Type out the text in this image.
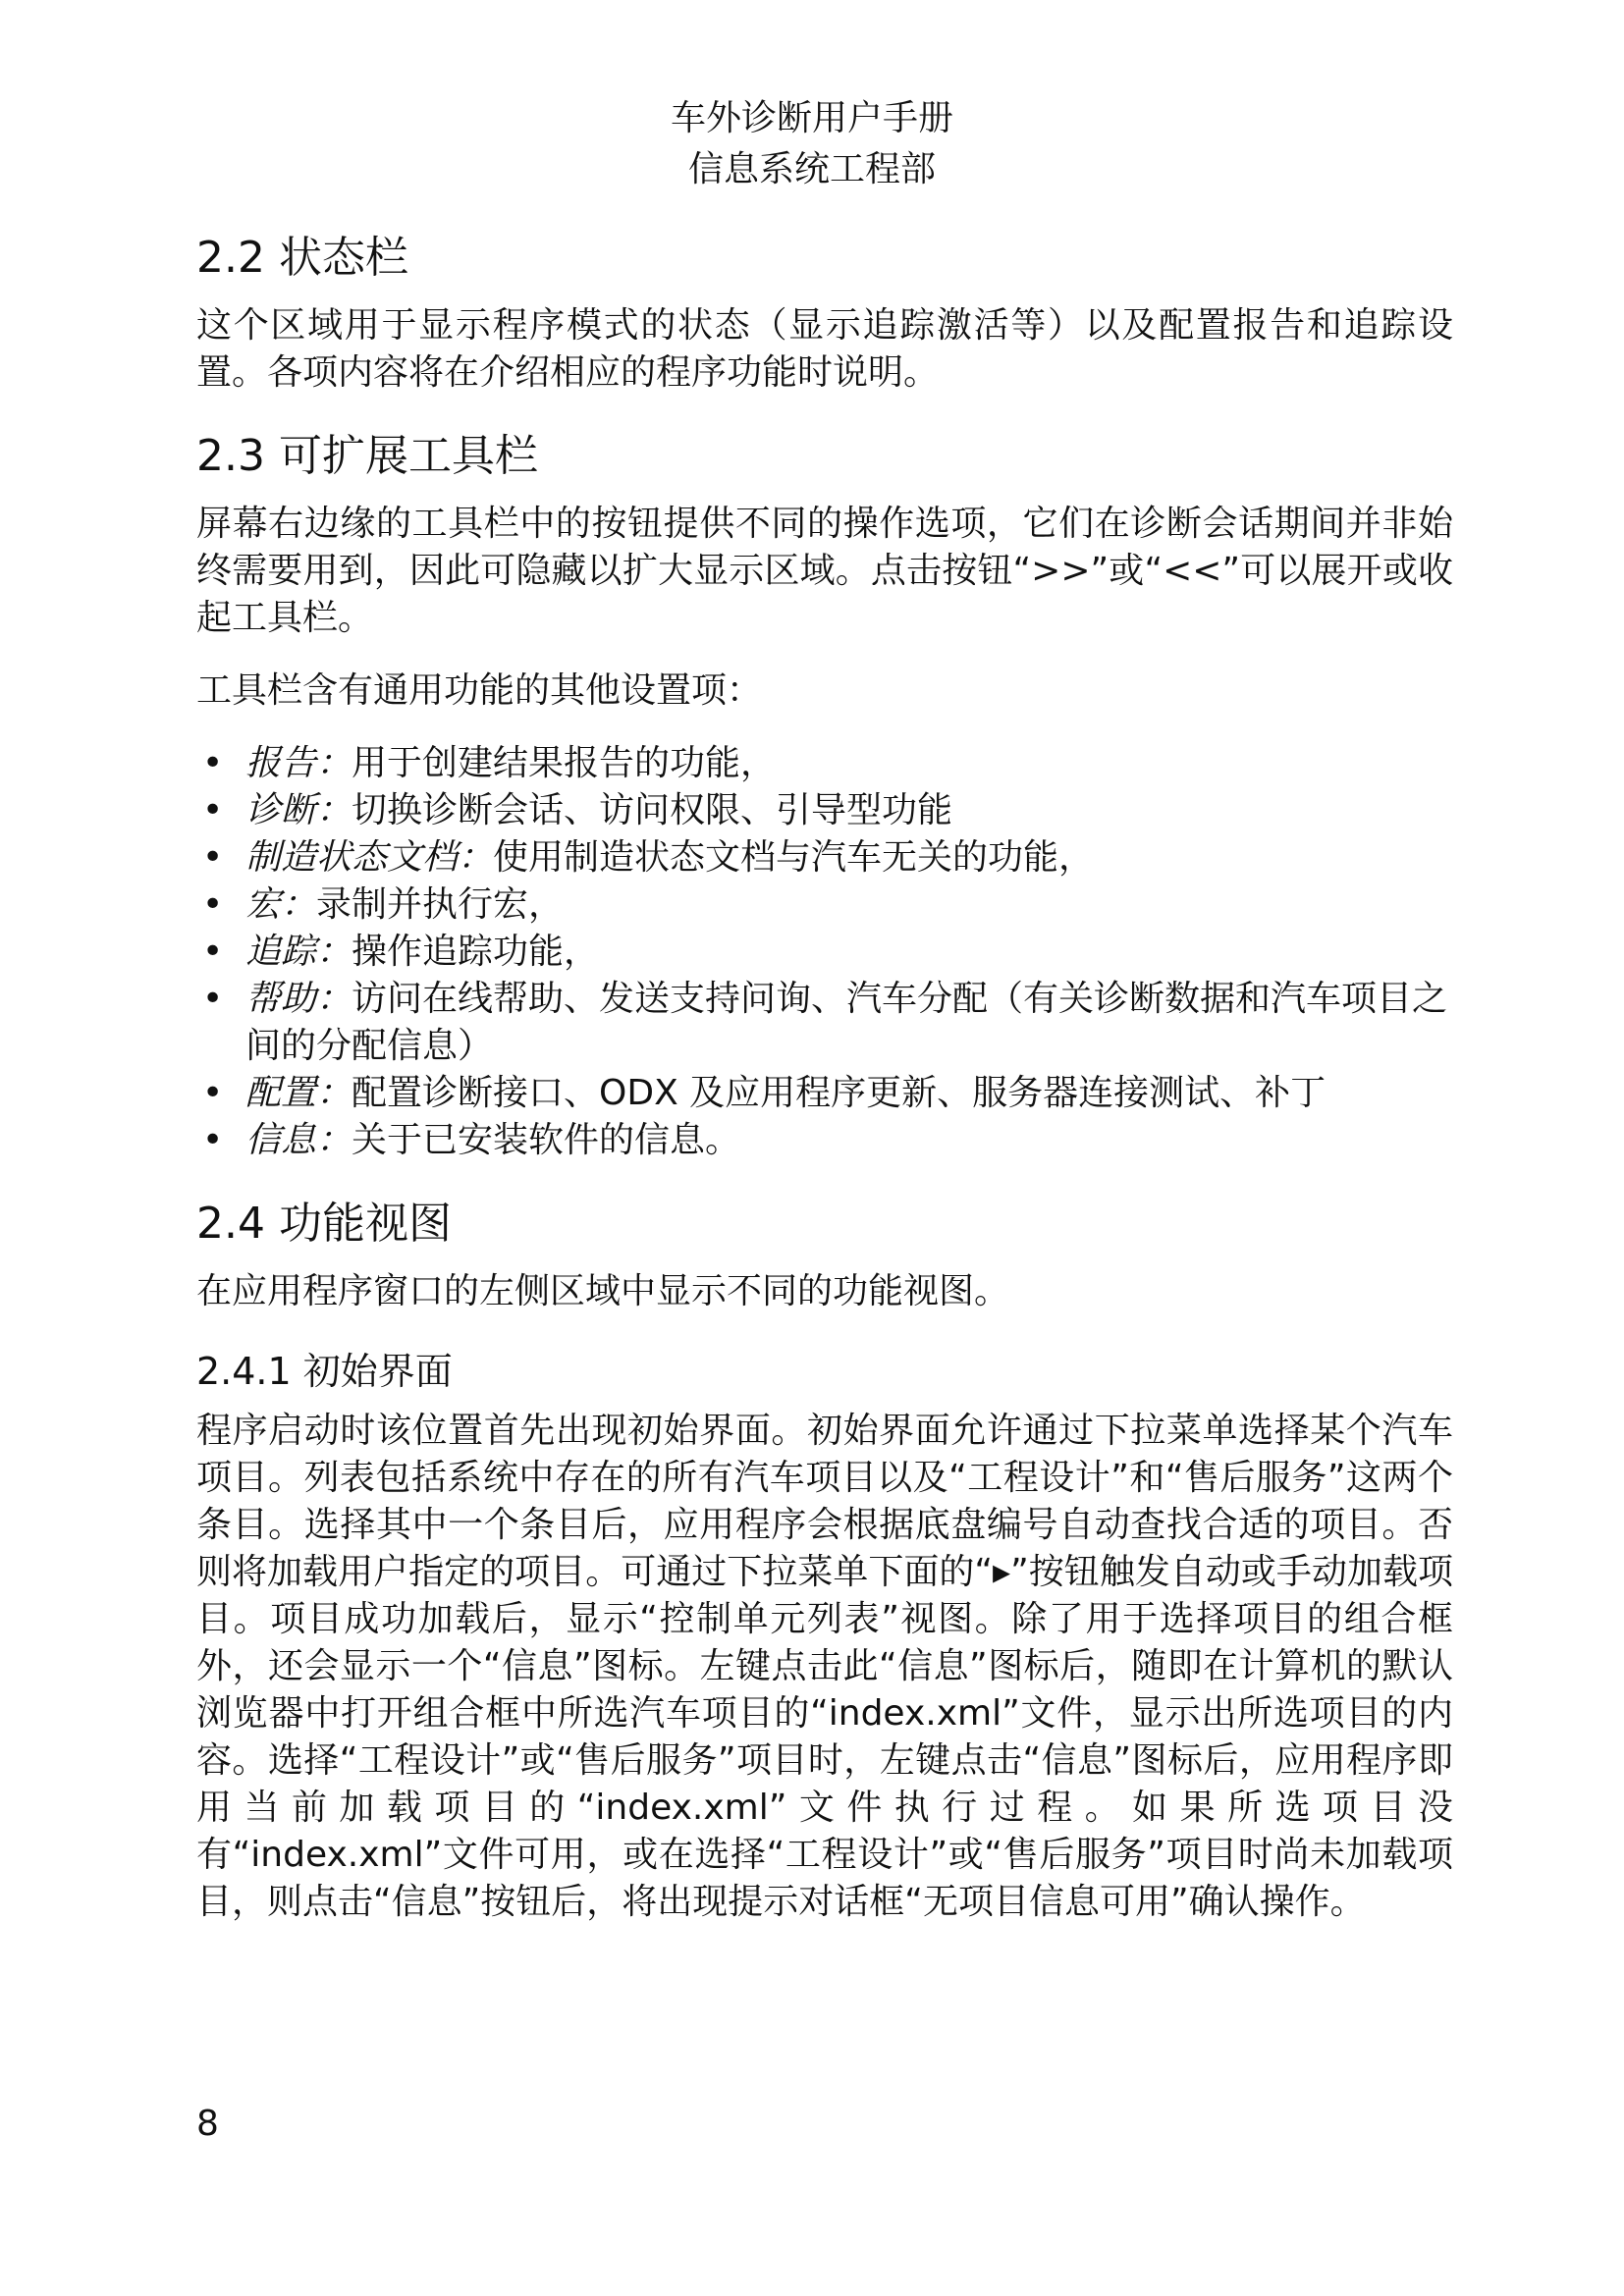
车外诊断用户手册
信息系统工程部
2.2 状态栏

这个区域用于显示程序模式的状态（显示追踪激活等）以及配置报告和追踪设置。各项内容将在介绍相应的程序功能时说明。

2.3 可扩展工具栏

屏幕右边缘的工具栏中的按钮提供不同的操作选项，它们在诊断会话期间并非始终需要用到，因此可隐藏以扩大显示区域。点击按钮“>>”或“<<”可以展开或收起工具栏。

工具栏含有通用功能的其他设置项：

• 报告：用于创建结果报告的功能，
• 诊断：切换诊断会话、访问权限、引导型功能
• 制造状态文档：使用制造状态文档与汽车无关的功能，
• 宏：录制并执行宏，
• 追踪：操作追踪功能，
• 帮助：访问在线帮助、发送支持问询、汽车分配（有关诊断数据和汽车项目之间的分配信息）
• 配置：配置诊断接口、ODX 及应用程序更新、服务器连接测试、补丁
• 信息：关于已安装软件的信息。
2.4 功能视图

在应用程序窗口的左侧区域中显示不同的功能视图。

2.4.1 初始界面

程序启动时该位置首先出现初始界面。初始界面允许通过下拉菜单选择某个汽车项目。列表包括系统中存在的所有汽车项目以及“工程设计”和“售后服务”这两个条目。选择其中一个条目后，应用程序会根据底盘编号自动查找合适的项目。否则将加载用户指定的项目。可通过下拉菜单下面的“▸”按钮触发自动或手动加载项目。项目成功加载后，显示“控制单元列表”视图。除了用于选择项目的组合框外，还会显示一个“信息”图标。左键点击此“信息”图标后，随即在计算机的默认浏览器中打开组合框中所选汽车项目的“index.xml”文件，显示出所选项目的内容。选择“工程设计”或“售后服务”项目时，左键点击“信息”图标后，应用程序即用当前加载项目的“index.xml”文件执行过程。如果所选项目没有“index.xml”文件可用，或在选择“工程设计”或“售后服务”项目时尚未加载项目，则点击“信息”按钮后，将出现提示对话框“无项目信息可用”确认操作。

8
